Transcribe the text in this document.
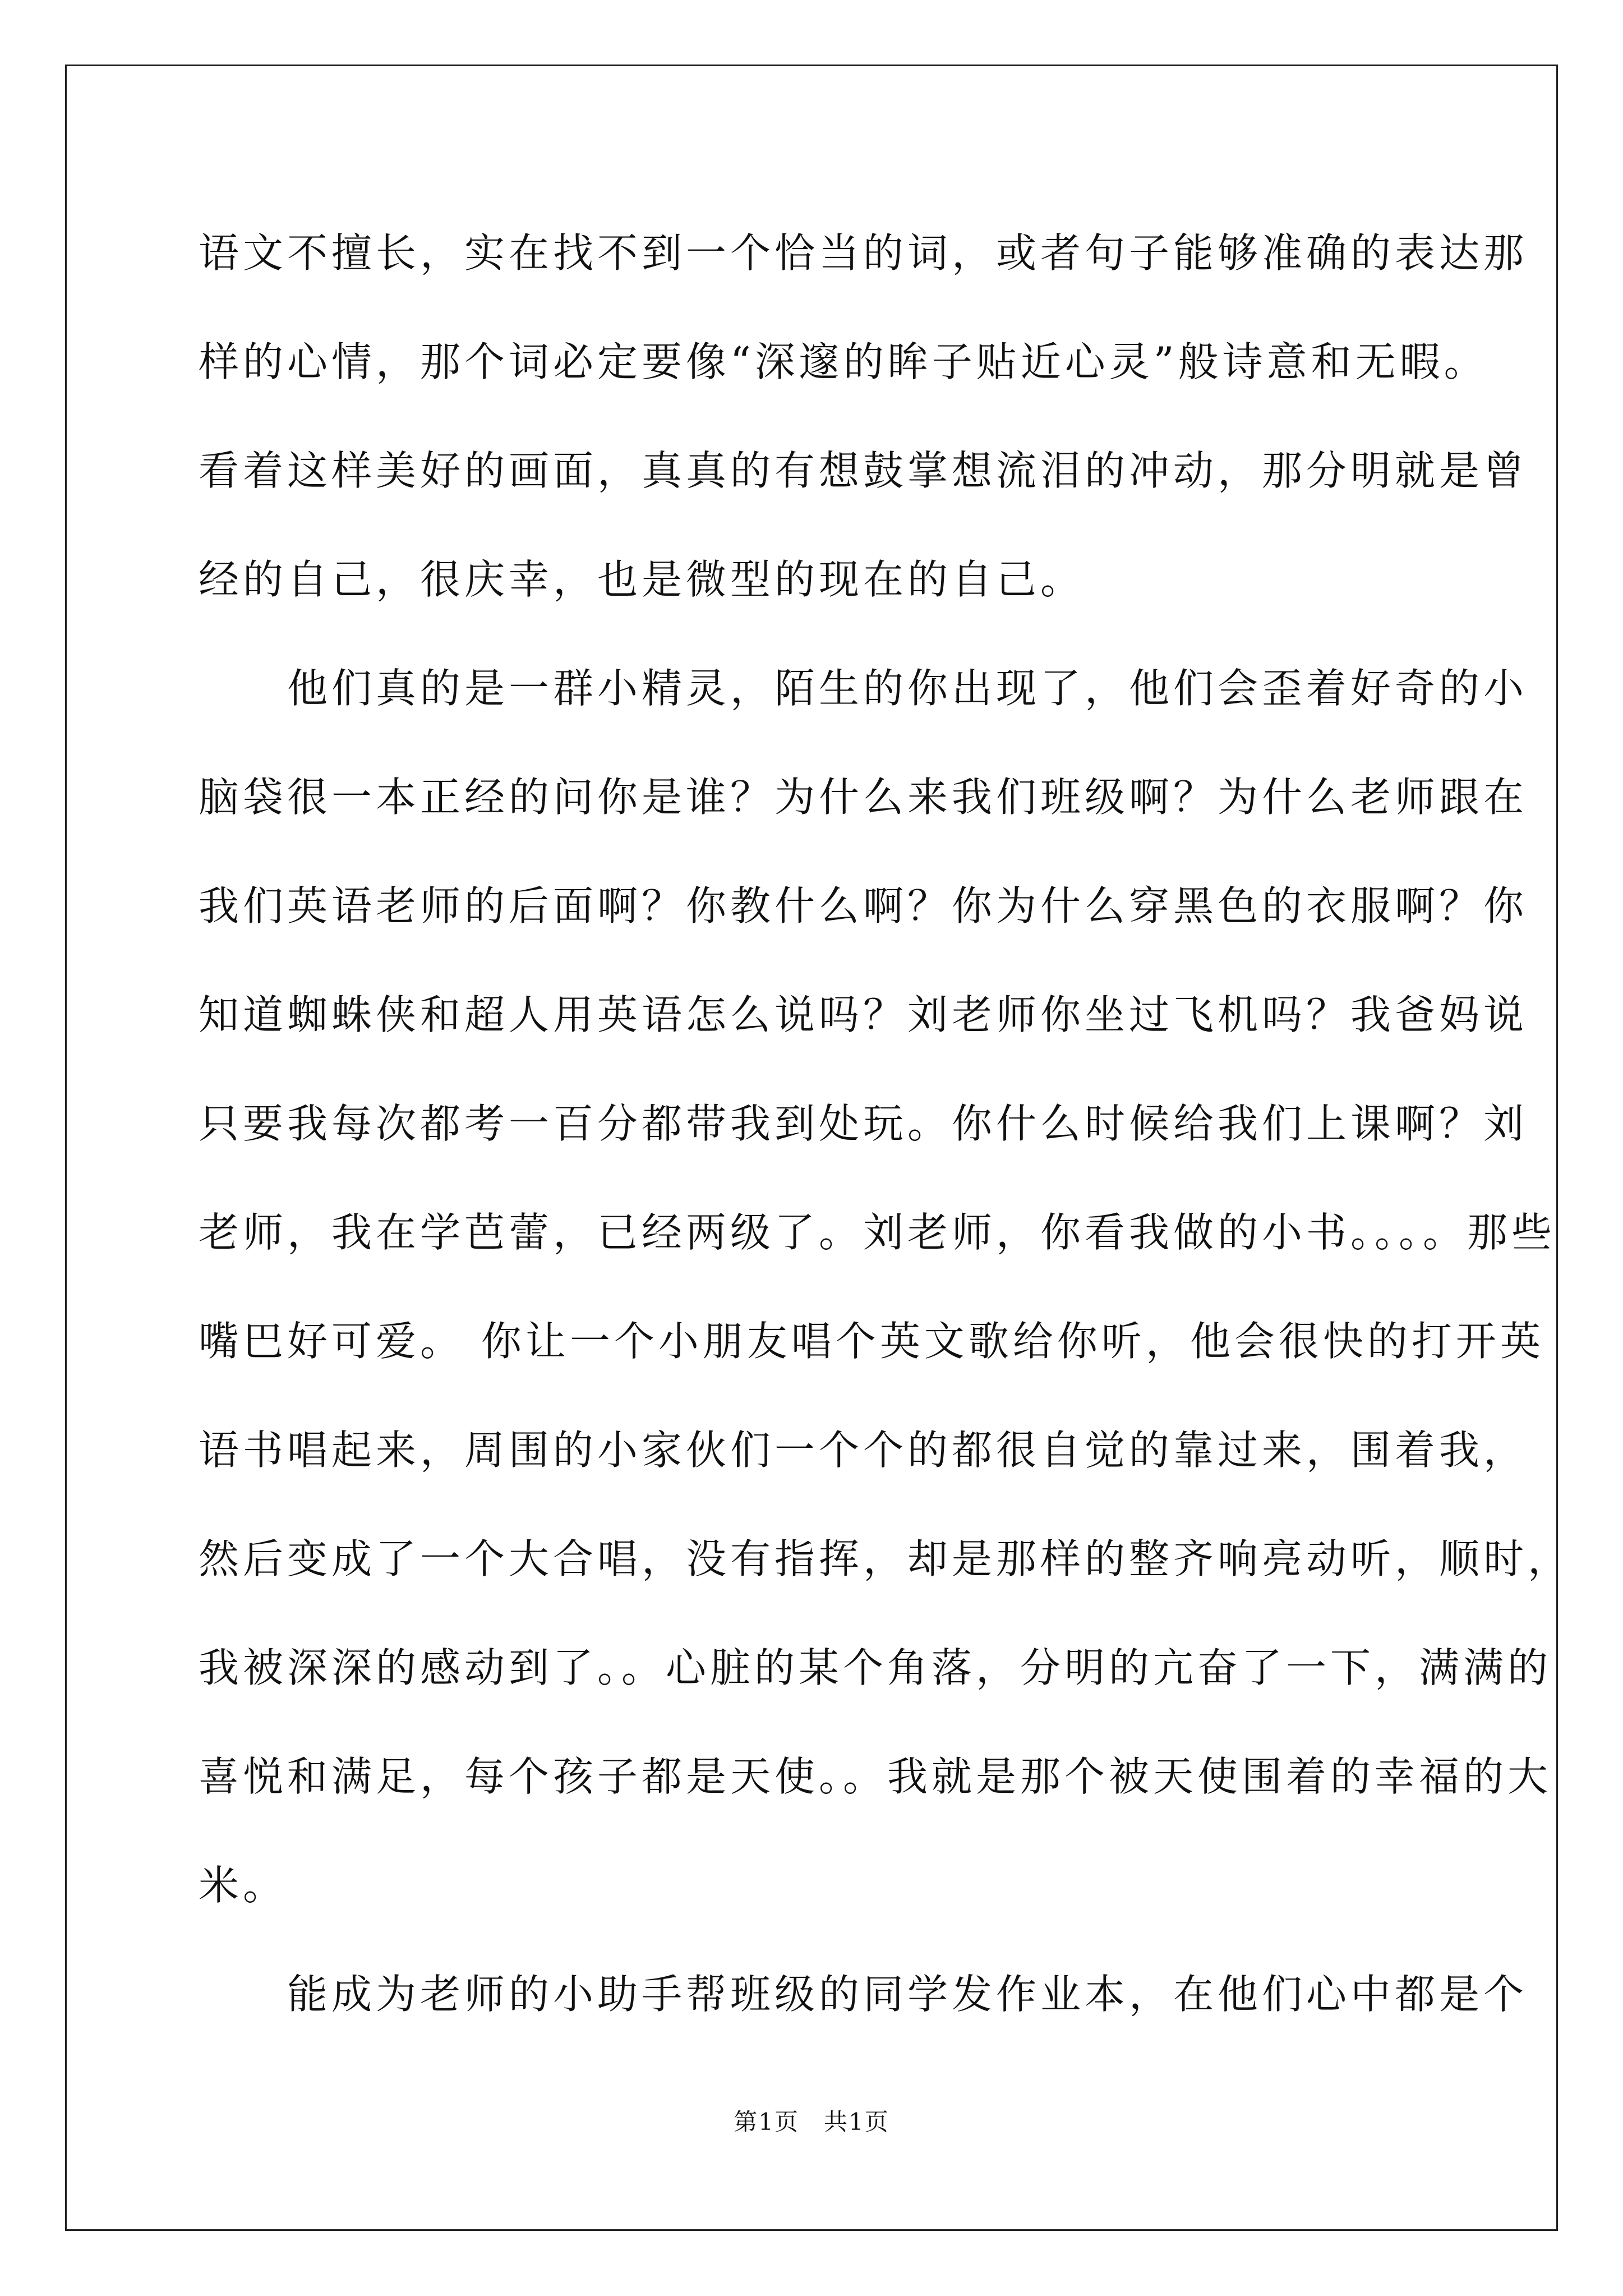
语文不擅长，实在找不到一个恰当的词，或者句子能够准确的表达那
样的心情，那个词必定要像“深邃的眸子贴近心灵”般诗意和无暇。
看着这样美好的画面，真真的有想鼓掌想流泪的冲动，那分明就是曾
经的自己，很庆幸，也是微型的现在的自己。
　　他们真的是一群小精灵，陌生的你出现了，他们会歪着好奇的小
脑袋很一本正经的问你是谁？为什么来我们班级啊？为什么老师跟在
我们英语老师的后面啊？你教什么啊？你为什么穿黑色的衣服啊？你
知道蜘蛛侠和超人用英语怎么说吗？刘老师你坐过飞机吗？我爸妈说
只要我每次都考一百分都带我到处玩。你什么时候给我们上课啊？刘
老师，我在学芭蕾，已经两级了。刘老师，你看我做的小书。。。。那些
嘴巴好可爱。 你让一个小朋友唱个英文歌给你听，他会很快的打开英
语书唱起来，周围的小家伙们一个个的都很自觉的靠过来，围着我，
然后变成了一个大合唱，没有指挥，却是那样的整齐响亮动听，顺时，
我被深深的感动到了。。心脏的某个角落，分明的亢奋了一下，满满的
喜悦和满足，每个孩子都是天使。。我就是那个被天使围着的幸福的大
米。
　　能成为老师的小助手帮班级的同学发作业本，在他们心中都是个
第1页　共1页
